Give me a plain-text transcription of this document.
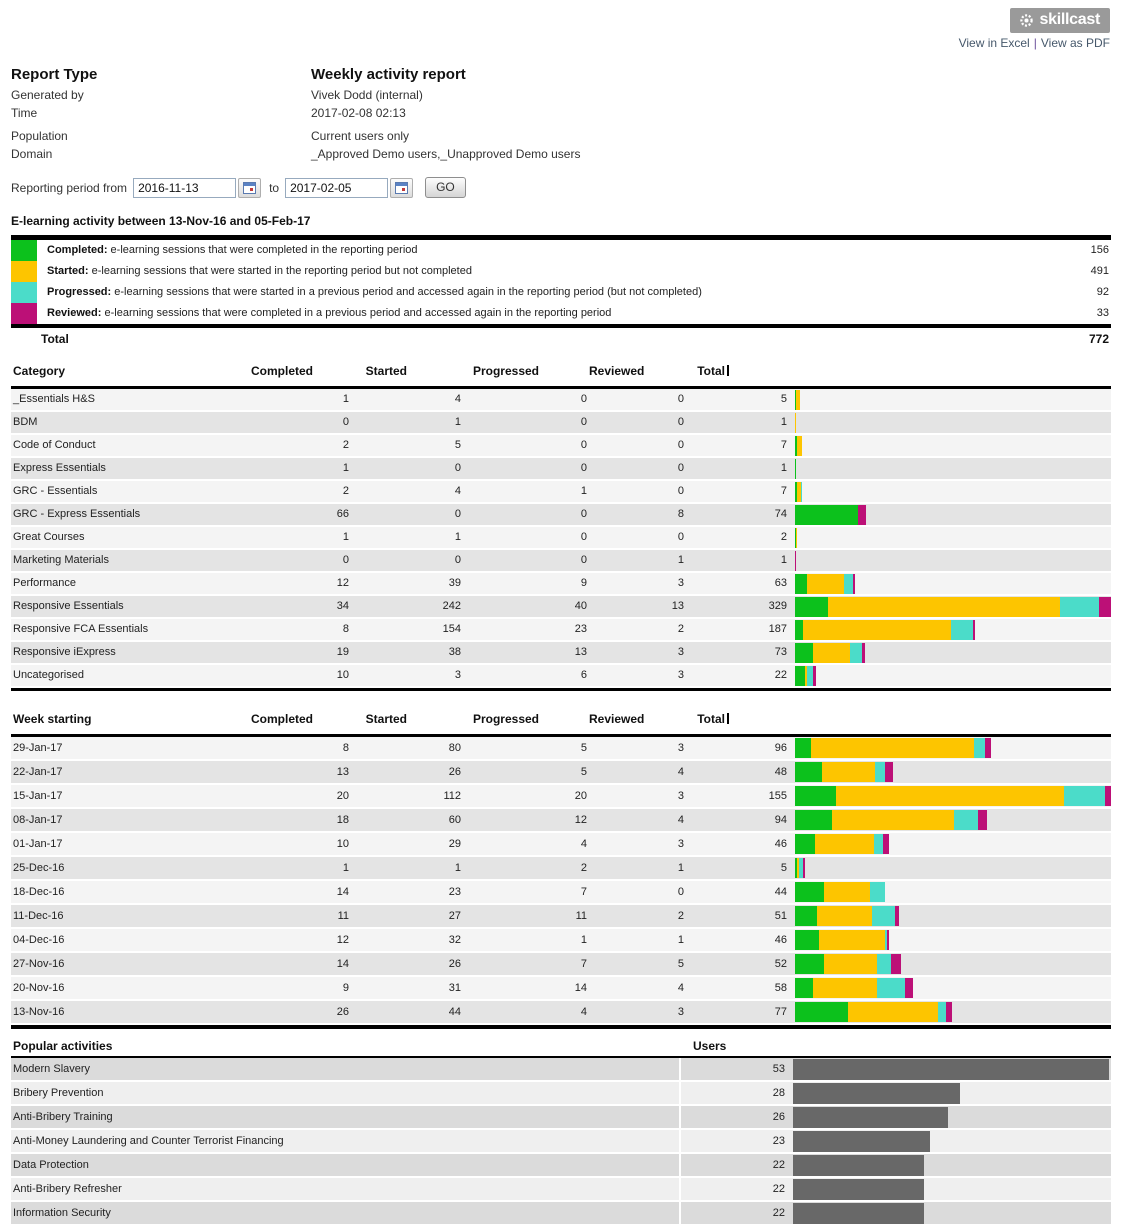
skillcast
View in Excel | View as PDF
Report Type	Weekly activity report
Generated by	Vivek Dodd (internal)
Time	2017-02-08 02:13
Population	Current users only
Domain	_Approved Demo users,_Unapproved Demo users
Reporting period from
2016-11-13	to
2017-02-05	GO
E-learning activity between 13-Nov-16 and 05-Feb-17
Completed: e-learning sessions that were completed in the reporting period	156
Started: e-learning sessions that were started in the reporting period but not completed	491
Progressed: e-learning sessions that were started in a previous period and accessed again in the reporting period (but not completed)	92
Reviewed: e-learning sessions that were completed in a previous period and accessed again in the reporting period	33
Total	772
Category	Completed	Started	Progressed	Reviewed	Total
_Essentials H&S	1	4	0	0	5
BDM	0	1	0	0	1
Code of Conduct	2	5	0	0	7
Express Essentials	1	0	0	0	1
GRC - Essentials	2	4	1	0	7
GRC - Express Essentials	66	0	0	8	74
Great Courses	1	1	0	0	2
Marketing Materials	0	0	0	1	1
Performance	12	39	9	3	63
Responsive Essentials	34	242	40	13	329
Responsive FCA Essentials	8	154	23	2	187
Responsive iExpress	19	38	13	3	73
Uncategorised	10	3	6	3	22
Week starting	Completed	Started	Progressed	Reviewed	Total
29-Jan-17	8	80	5	3	96
22-Jan-17	13	26	5	4	48
15-Jan-17	20	112	20	3	155
08-Jan-17	18	60	12	4	94
01-Jan-17	10	29	4	3	46
25-Dec-16	1	1	2	1	5
18-Dec-16	14	23	7	0	44
11-Dec-16	11	27	11	2	51
04-Dec-16	12	32	1	1	46
27-Nov-16	14	26	7	5	52
20-Nov-16	9	31	14	4	58
13-Nov-16	26	44	4	3	77
Popular activities	Users
Modern Slavery	53
Bribery Prevention	28
Anti-Bribery Training	26
Anti-Money Laundering and Counter Terrorist Financing	23
Data Protection	22
Anti-Bribery Refresher	22
Information Security	22
